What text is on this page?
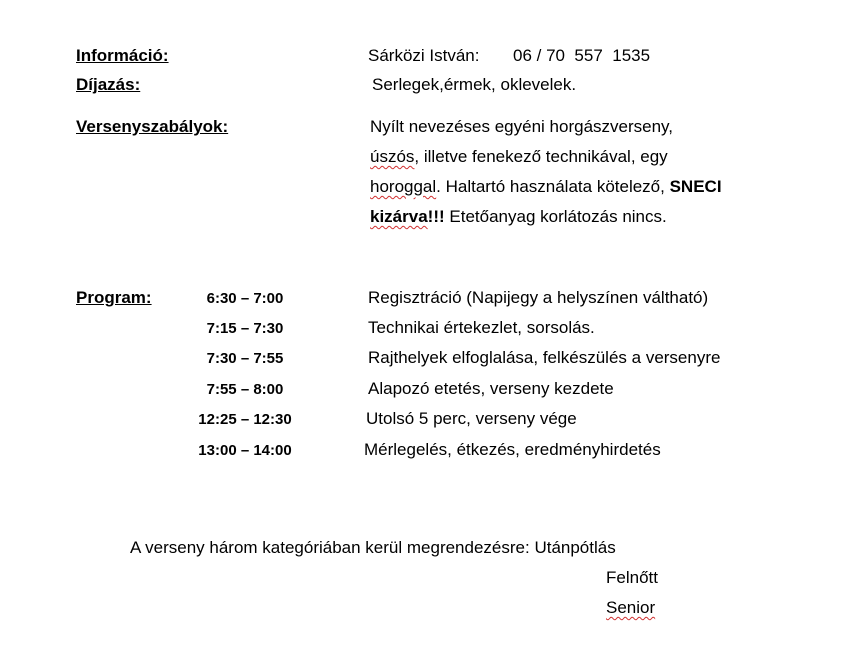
Információ:	Sárközi István: 06 / 70  557  1535
Díjazás:	Serlegek,érmek, oklevelek.
Versenyszabályok:	Nyílt nevezéses egyéni horgászverseny,
úszós, illetve fenekező technikával, egy
horoggal. Haltartó használata kötelező, SNECI
kizárva!!! Etetőanyag korlátozás nincs.
Program:	6:30 – 7:00	Regisztráció (Napijegy a helyszínen váltható)
7:15 – 7:30	Technikai értekezlet, sorsolás.
7:30 – 7:55	Rajthelyek elfoglalása, felkészülés a versenyre
7:55 – 8:00	Alapozó etetés, verseny kezdete
12:25 – 12:30	Utolsó 5 perc, verseny vége
13:00 – 14:00	Mérlegelés, étkezés, eredményhirdetés
A verseny három kategóriában kerül megrendezésre: Utánpótlás
Felnőtt
Senior
